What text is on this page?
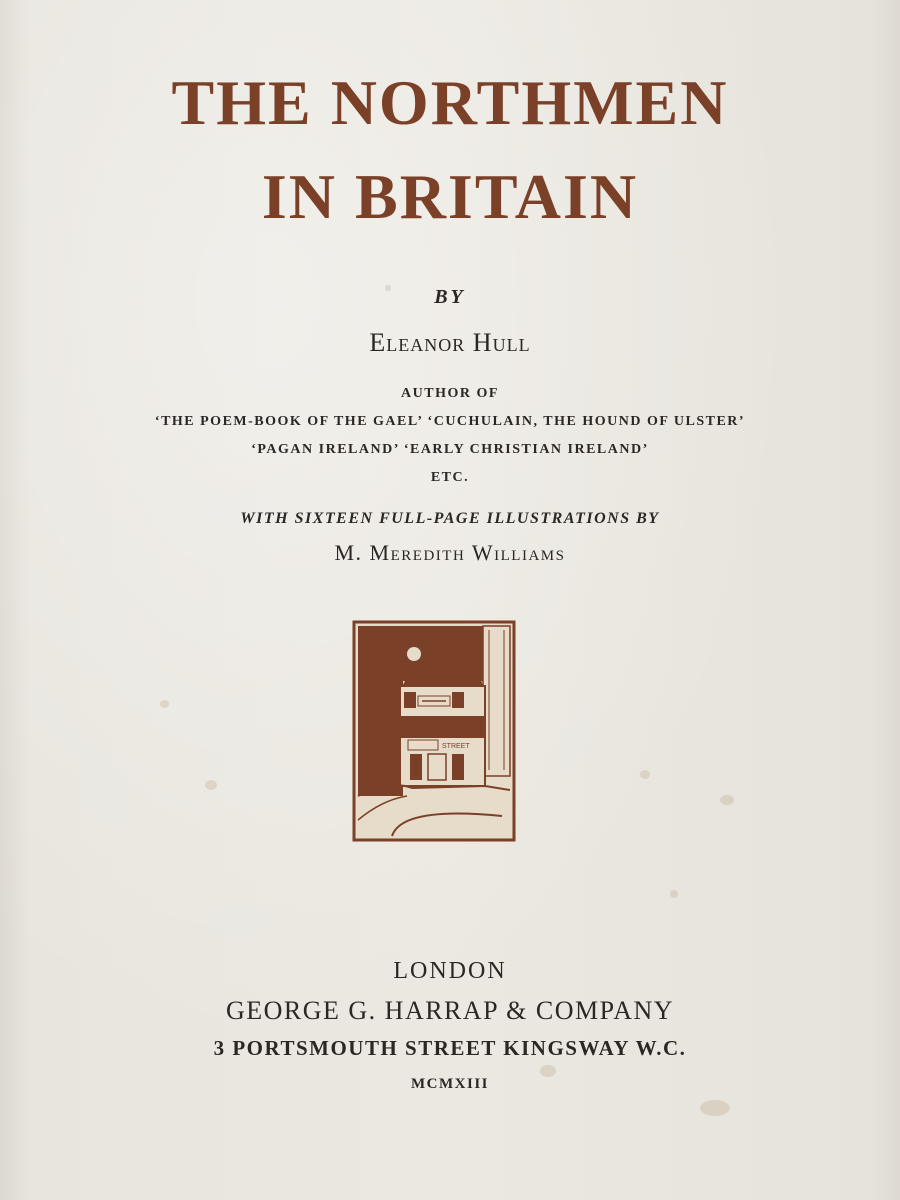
THE NORTHMEN
IN BRITAIN
BY
Eleanor Hull
AUTHOR OF
‘THE POEM-BOOK OF THE GAEL’ ‘CUCHULAIN, THE HOUND OF ULSTER’
‘PAGAN IRELAND’ ‘EARLY CHRISTIAN IRELAND’
ETC.
WITH SIXTEEN FULL-PAGE ILLUSTRATIONS BY
M. Meredith Williams
STREET
LONDON
GEORGE G. HARRAP & COMPANY
3 PORTSMOUTH STREET KINGSWAY W.C.
MCMXIII
